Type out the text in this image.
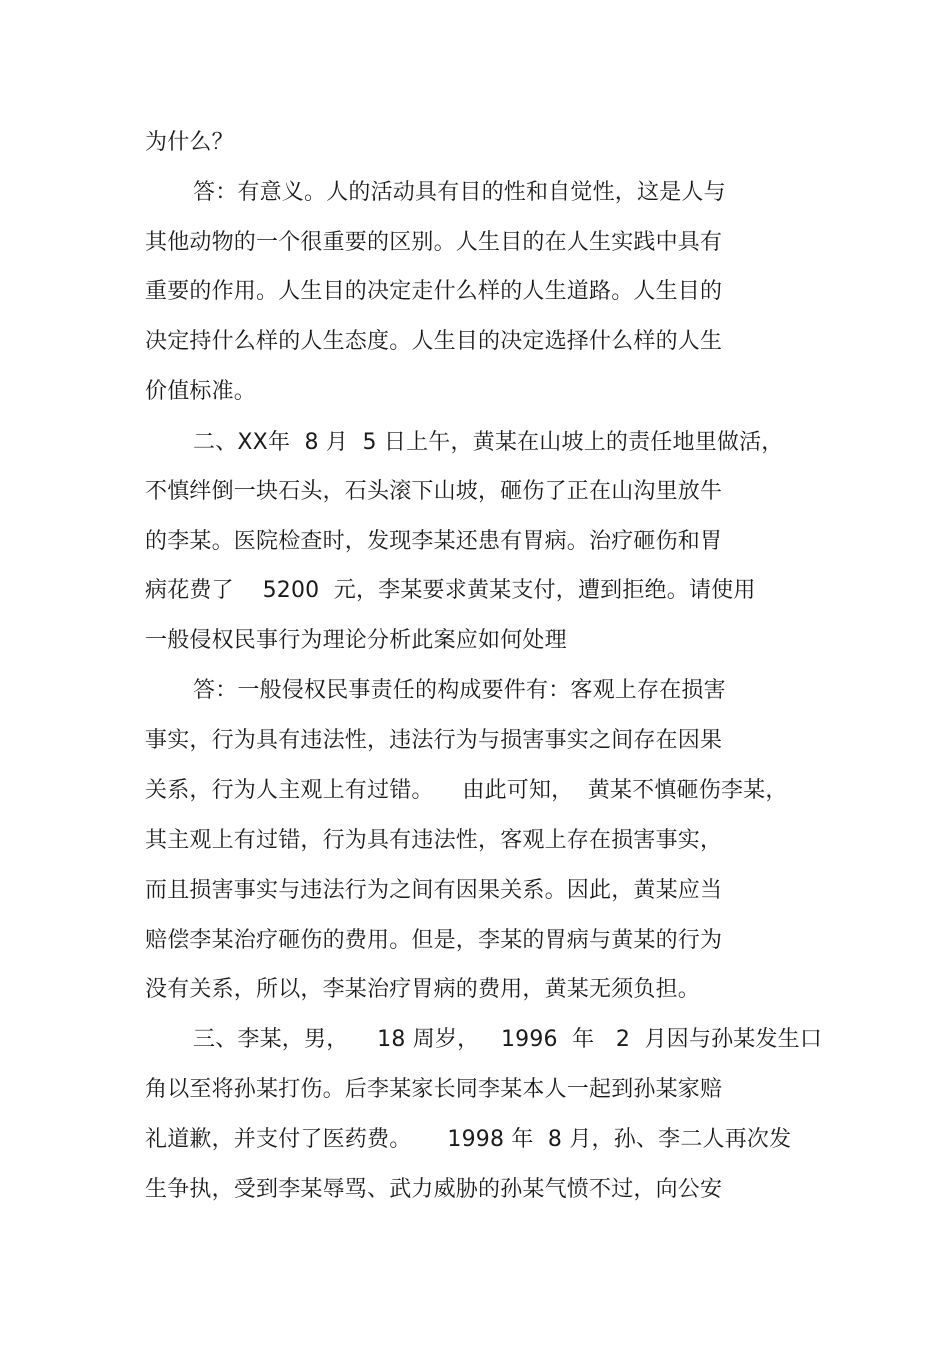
为什么？
答：有意义。人的活动具有目的性和自觉性，这是人与
其他动物的一个很重要的区别。人生目的在人生实践中具有
重要的作用。人生目的决定走什么样的人生道路。人生目的
决定持什么样的人生态度。人生目的决定选择什么样的人生
价值标准。
二、XX年  8 月  5 日上午，黄某在山坡上的责任地里做活，
不慎绊倒一块石头，石头滚下山坡，砸伤了正在山沟里放牛
的李某。医院检查时，发现李某还患有胃病。治疗砸伤和胃
病花费了    5200  元，李某要求黄某支付，遭到拒绝。请使用
一般侵权民事行为理论分析此案应如何处理
答：一般侵权民事责任的构成要件有：客观上存在损害
事实，行为具有违法性，违法行为与损害事实之间存在因果
关系，行为人主观上有过错。    由此可知，  黄某不慎砸伤李某，
其主观上有过错，行为具有违法性，客观上存在损害事实，
而且损害事实与违法行为之间有因果关系。因此，黄某应当
赔偿李某治疗砸伤的费用。但是，李某的胃病与黄某的行为
没有关系，所以，李某治疗胃病的费用，黄某无须负担。
三、李某，男，    18 周岁，   1996  年   2  月因与孙某发生口
角以至将孙某打伤。后李某家长同李某本人一起到孙某家赔
礼道歉，并支付了医药费。     1998 年  8 月，孙、李二人再次发
生争执，受到李某辱骂、武力威胁的孙某气愤不过，向公安
